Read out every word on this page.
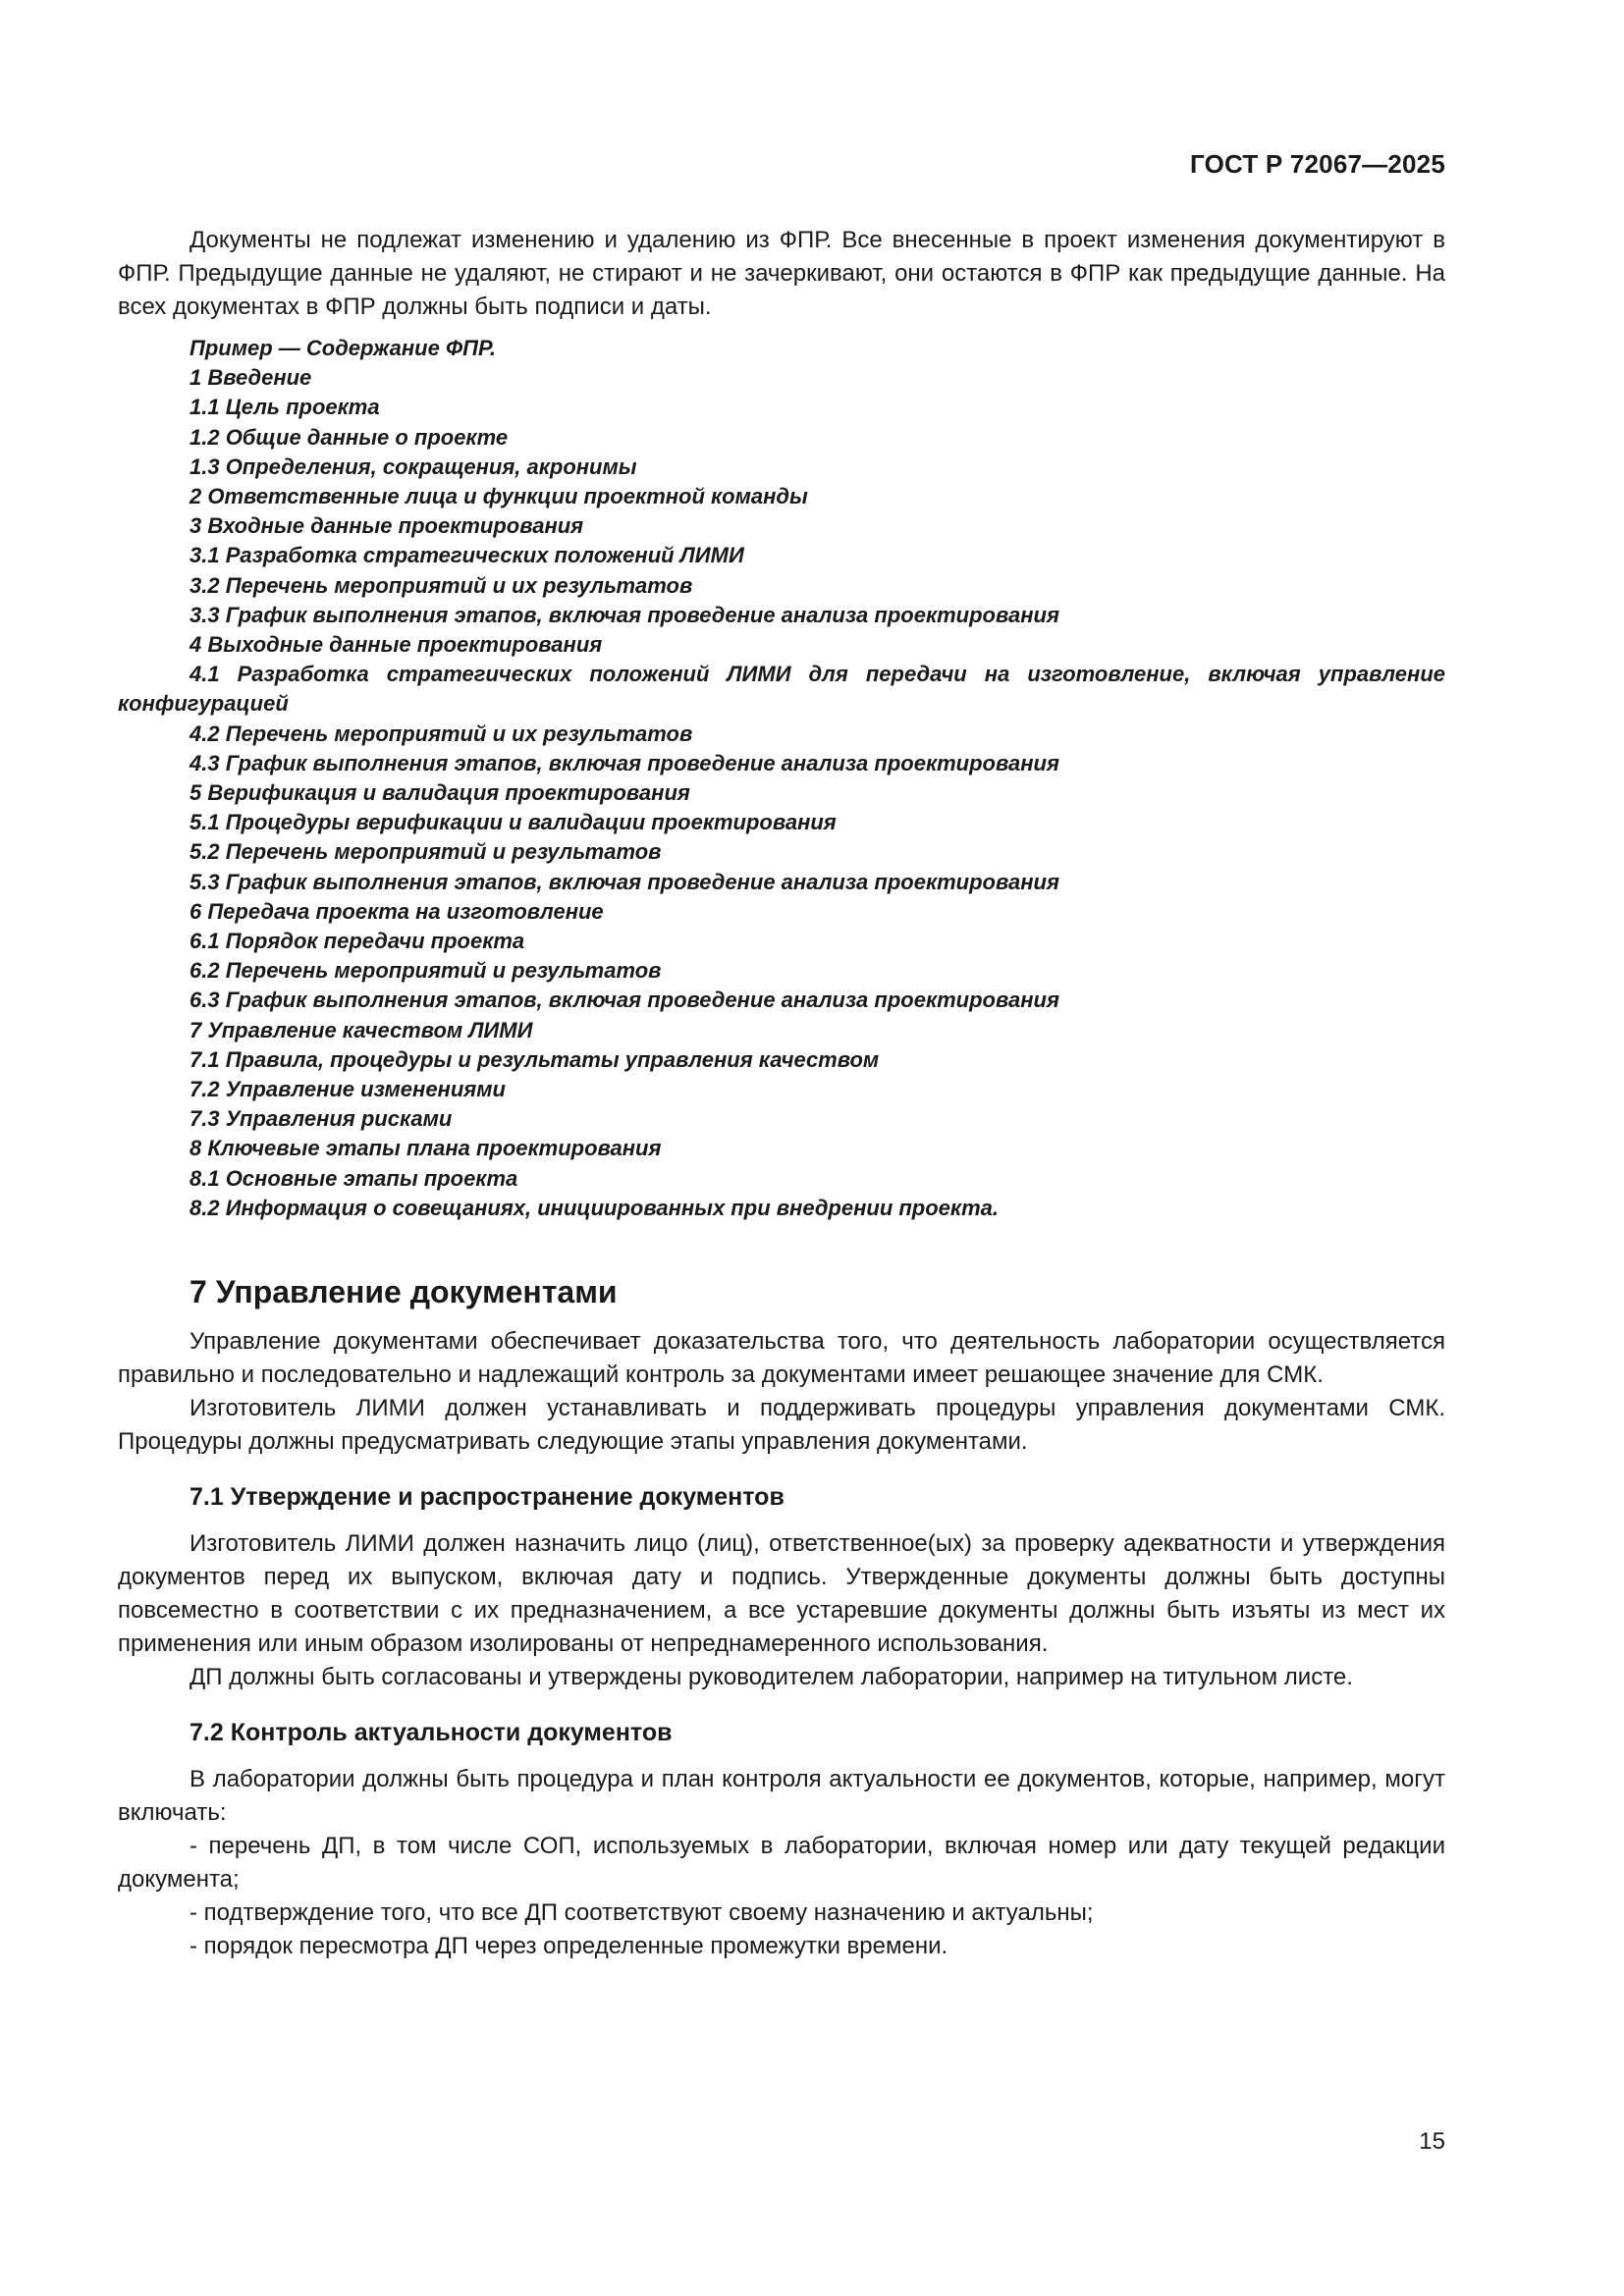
ГОСТ Р 72067—2025

Документы не подлежат изменению и удалению из ФПР. Все внесенные в проект изменения документируют в ФПР. Предыдущие данные не удаляют, не стирают и не зачеркивают, они остаются в ФПР как предыдущие данные. На всех документах в ФПР должны быть подписи и даты.

Пример — Содержание ФПР.

1 Введение

1.1 Цель проекта

1.2 Общие данные о проекте

1.3 Определения, сокращения, акронимы

2 Ответственные лица и функции проектной команды

3 Входные данные проектирования

3.1 Разработка стратегических положений ЛИМИ

3.2 Перечень мероприятий и их результатов

3.3 График выполнения этапов, включая проведение анализа проектирования

4 Выходные данные проектирования

4.1 Разработка стратегических положений ЛИМИ для передачи на изготовление, включая управление конфигурацией

4.2 Перечень мероприятий и их результатов

4.3 График выполнения этапов, включая проведение анализа проектирования

5 Верификация и валидация проектирования

5.1 Процедуры верификации и валидации проектирования

5.2 Перечень мероприятий и результатов

5.3 График выполнения этапов, включая проведение анализа проектирования

6 Передача проекта на изготовление

6.1 Порядок передачи проекта

6.2 Перечень мероприятий и результатов

6.3 График выполнения этапов, включая проведение анализа проектирования

7 Управление качеством ЛИМИ

7.1 Правила, процедуры и результаты управления качеством

7.2 Управление изменениями

7.3 Управления рисками

8 Ключевые этапы плана проектирования

8.1 Основные этапы проекта

8.2 Информация о совещаниях, инициированных при внедрении проекта.

7 Управление документами

Управление документами обеспечивает доказательства того, что деятельность лаборатории осуществляется правильно и последовательно и надлежащий контроль за документами имеет решающее значение для СМК.

Изготовитель ЛИМИ должен устанавливать и поддерживать процедуры управления документами СМК. Процедуры должны предусматривать следующие этапы управления документами.

7.1 Утверждение и распространение документов

Изготовитель ЛИМИ должен назначить лицо (лиц), ответственное(ых) за проверку адекватности и утверждения документов перед их выпуском, включая дату и подпись. Утвержденные документы должны быть доступны повсеместно в соответствии с их предназначением, а все устаревшие документы должны быть изъяты из мест их применения или иным образом изолированы от непреднамеренного использования.

ДП должны быть согласованы и утверждены руководителем лаборатории, например на титульном листе.

7.2 Контроль актуальности документов

В лаборатории должны быть процедура и план контроля актуальности ее документов, которые, например, могут включать:

- перечень ДП, в том числе СОП, используемых в лаборатории, включая номер или дату текущей редакции документа;

- подтверждение того, что все ДП соответствуют своему назначению и актуальны;

- порядок пересмотра ДП через определенные промежутки времени.

15
